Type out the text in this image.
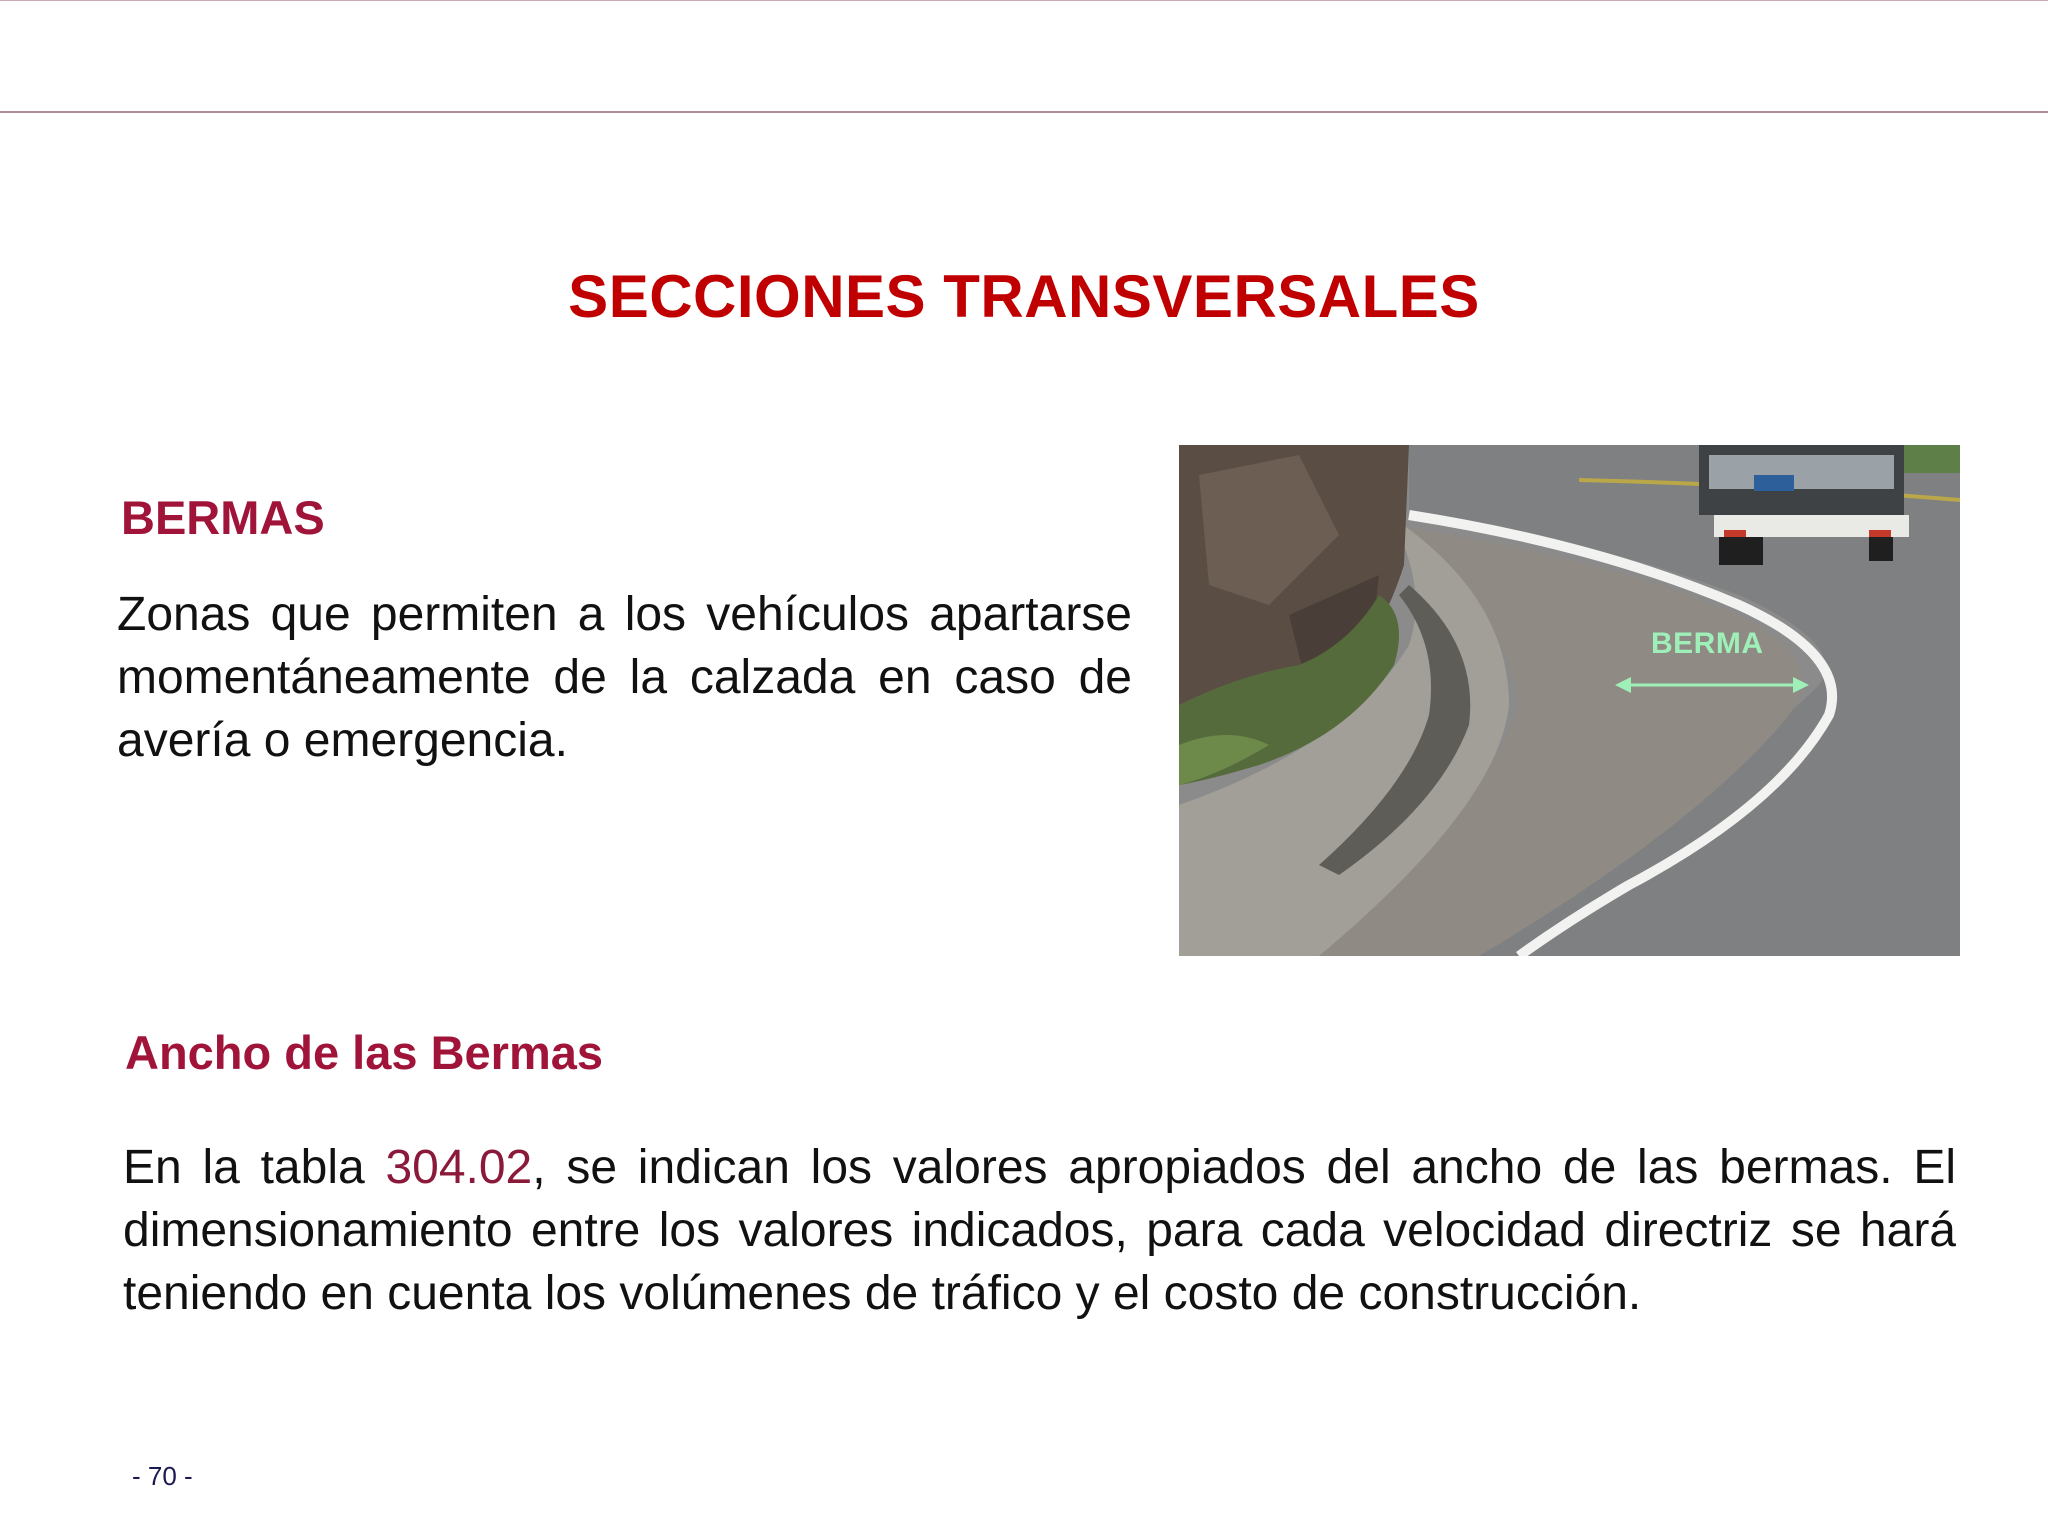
SECCIONES TRANSVERSALES
BERMAS
Zonas que permiten a los vehículos apartarse momentáneamente de la calzada en caso de avería o emergencia.
BERMA
Ancho de las Bermas
En la tabla 304.02, se indican los valores apropiados del ancho de las bermas. El dimensionamiento entre los valores indicados, para cada velocidad directriz se hará teniendo en cuenta los volúmenes de tráfico y el costo de construcción.
- 70 -
